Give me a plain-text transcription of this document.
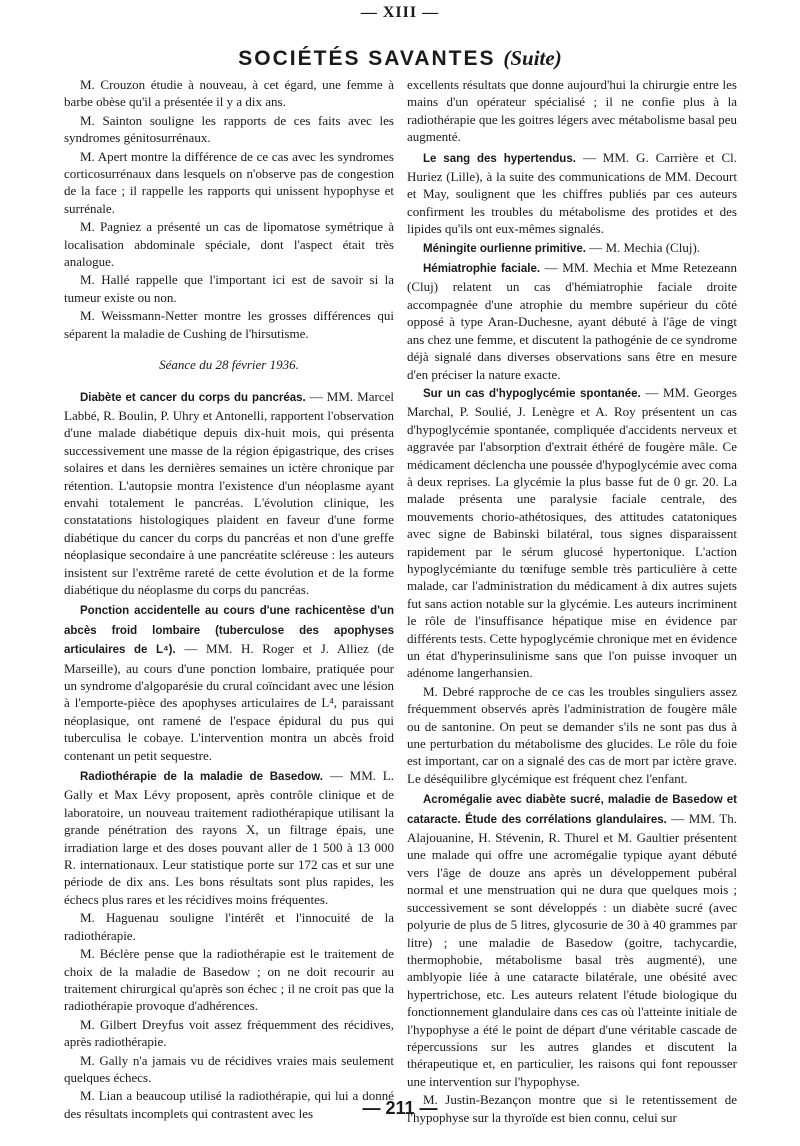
— XIII —
SOCIÉTÉS SAVANTES (Suite)

M. Crouzon étudie à nouveau, à cet égard, une femme à barbe obèse qu'il a présentée il y a dix ans.

M. Sainton souligne les rapports de ces faits avec les syndromes génitosurrénaux.

M. Apert montre la différence de ce cas avec les syndromes corticosurrénaux dans lesquels on n'observe pas de congestion de la face ; il rappelle les rapports qui unissent hypophyse et surrénale.

M. Pagniez a présenté un cas de lipomatose symétrique à localisation abdominale spéciale, dont l'aspect était très analogue.

M. Hallé rappelle que l'important ici est de savoir si la tumeur existe ou non.

M. Weissmann-Netter montre les grosses différences qui séparent la maladie de Cushing de l'hirsutisme.

Séance du 28 février 1936.

Diabète et cancer du corps du pancréas. — MM. Marcel Labbé, R. Boulin, P. Uhry et Antonelli, rapportent l'observation d'une malade diabétique depuis dix-huit mois, qui présenta successivement une masse de la région épigastrique, des crises solaires et dans les dernières semaines un ictère chronique par rétention. L'autopsie montra l'existence d'un néoplasme ayant envahi totalement le pancréas. L'évolution clinique, les constatations histologiques plaident en faveur d'une forme diabétique du cancer du corps du pancréas et non d'une greffe néoplasique secondaire à une pancréatite scléreuse : les auteurs insistent sur l'extrême rareté de cette évolution et de la forme diabétique du néoplasme du corps du pancréas.

Ponction accidentelle au cours d'une rachicentèse d'un abcès froid lombaire (tuberculose des apophyses articulaires de L⁴). — MM. H. Roger et J. Alliez (de Marseille), au cours d'une ponction lombaire, pratiquée pour un syndrome d'algoparésie du crural coïncidant avec une lésion à l'emporte-pièce des apophyses articulaires de L⁴, paraissant néoplasique, ont ramené de l'espace épidural du pus qui tuberculisa le cobaye. L'intervention montra un abcès froid contenant un petit sequestre.

Radiothérapie de la maladie de Basedow. — MM. L. Gally et Max Lévy proposent, après contrôle clinique et de laboratoire, un nouveau traitement radiothérapique utilisant la grande pénétration des rayons X, un filtrage épais, une irradiation large et des doses pouvant aller de 1 500 à 13 000 R. internationaux. Leur statistique porte sur 172 cas et sur une période de dix ans. Les bons résultats sont plus rapides, les échecs plus rares et les récidives moins fréquentes.

M. Haguenau souligne l'intérêt et l'innocuité de la radiothérapie.

M. Béclère pense que la radiothérapie est le traitement de choix de la maladie de Basedow ; on ne doit recourir au traitement chirurgical qu'après son échec ; il ne croit pas que la radiothérapie provoque d'adhérences.

M. Gilbert Dreyfus voit assez fréquemment des récidives, après radiothérapie.

M. Gally n'a jamais vu de récidives vraies mais seulement quelques échecs.

M. Lian a beaucoup utilisé la radiothérapie, qui lui a donné des résultats incomplets qui contrastent avec les

excellents résultats que donne aujourd'hui la chirurgie entre les mains d'un opérateur spécialisé ; il ne confie plus à la radiothérapie que les goitres légers avec métabolisme basal peu augmenté.

Le sang des hypertendus. — MM. G. Carrière et Cl. Huriez (Lille), à la suite des communications de MM. Decourt et May, soulignent que les chiffres publiés par ces auteurs confirment les troubles du métabolisme des protides et des lipides qu'ils ont eux-mêmes signalés.

Méningite ourlienne primitive. — M. Mechia (Cluj).

Hémiatrophie faciale. — MM. Mechia et Mme Retezeann (Cluj) relatent un cas d'hémiatrophie faciale droite accompagnée d'une atrophie du membre supérieur du côté opposé à type Aran-Duchesne, ayant débuté à l'âge de vingt ans chez une femme, et discutent la pathogénie de ce syndrome déjà signalé dans diverses observations sans être en mesure d'en préciser la nature exacte.

Sur un cas d'hypoglycémie spontanée. — MM. Georges Marchal, P. Soulié, J. Lenègre et A. Roy présentent un cas d'hypoglycémie spontanée, compliquée d'accidents nerveux et aggravée par l'absorption d'extrait éthéré de fougère mâle. Ce médicament déclencha une poussée d'hypoglycémie avec coma à deux reprises. La glycémie la plus basse fut de 0 gr. 20. La malade présenta une paralysie faciale centrale, des mouvements chorio-athétosiques, des attitudes catatoniques avec signe de Babinski bilatéral, tous signes disparaissent rapidement par le sérum glucosé hypertonique. L'action hypoglycémiante du tœnifuge semble très particulière à cette malade, car l'administration du médicament à dix autres sujets fut sans action notable sur la glycémie. Les auteurs incriminent le rôle de l'insuffisance hépatique mise en évidence par différents tests. Cette hypoglycémie chronique met en évidence un état d'hyperinsulinisme sans que l'on puisse invoquer un adénome langerhansien.

M. Debré rapproche de ce cas les troubles singuliers assez fréquemment observés après l'administration de fougère mâle ou de santonine. On peut se demander s'ils ne sont pas dus à une perturbation du métabolisme des glucides. Le rôle du foie est important, car on a signalé des cas de mort par ictère grave. Le déséquilibre glycémique est fréquent chez l'enfant.

Acromégalie avec diabète sucré, maladie de Basedow et cataracte. Étude des corrélations glandulaires. — MM. Th. Alajouanine, H. Stévenin, R. Thurel et M. Gaultier présentent une malade qui offre une acromégalie typique ayant débuté vers l'âge de douze ans après un développement pubéral normal et une menstruation qui ne dura que quelques mois ; successivement se sont développés : un diabète sucré (avec polyurie de plus de 5 litres, glycosurie de 30 à 40 grammes par litre) ; une maladie de Basedow (goitre, tachycardie, thermophobie, métabolisme basal très augmenté), une amblyopie liée à une cataracte bilatérale, une obésité avec hypertrichose, etc. Les auteurs relatent l'étude biologique du fonctionnement glandulaire dans ces cas où l'atteinte initiale de l'hypophyse a été le point de départ d'une véritable cascade de répercussions sur les autres glandes et discutent la thérapeutique et, en particulier, les raisons qui font repousser une intervention sur l'hypophyse.

M. Justin-Bezançon montre que si le retentissement de l'hypophyse sur la thyroïde est bien connu, celui sur

— 211 —
